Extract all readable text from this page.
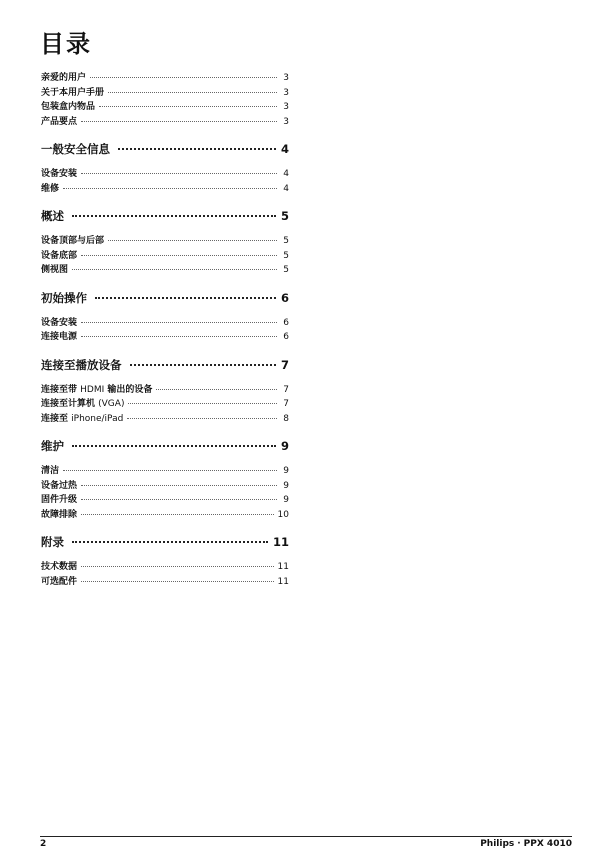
目录
亲爱的用户	3
关于本用户手册	3
包装盒内物品	3
产品要点	3
一般安全信息	4
设备安装	4
维修	4
概述	5
设备顶部与后部	5
设备底部	5
侧视图	5
初始操作	6
设备安装	6
连接电源	6
连接至播放设备	7
连接至带 HDMI 输出的设备	7
连接至计算机 (VGA)	7
连接至 iPhone/iPad	8
维护	9
清洁	9
设备过热	9
固件升级	9
故障排除	10
附录	11
技术数据	11
可选配件	11
2	Philips · PPX 4010
